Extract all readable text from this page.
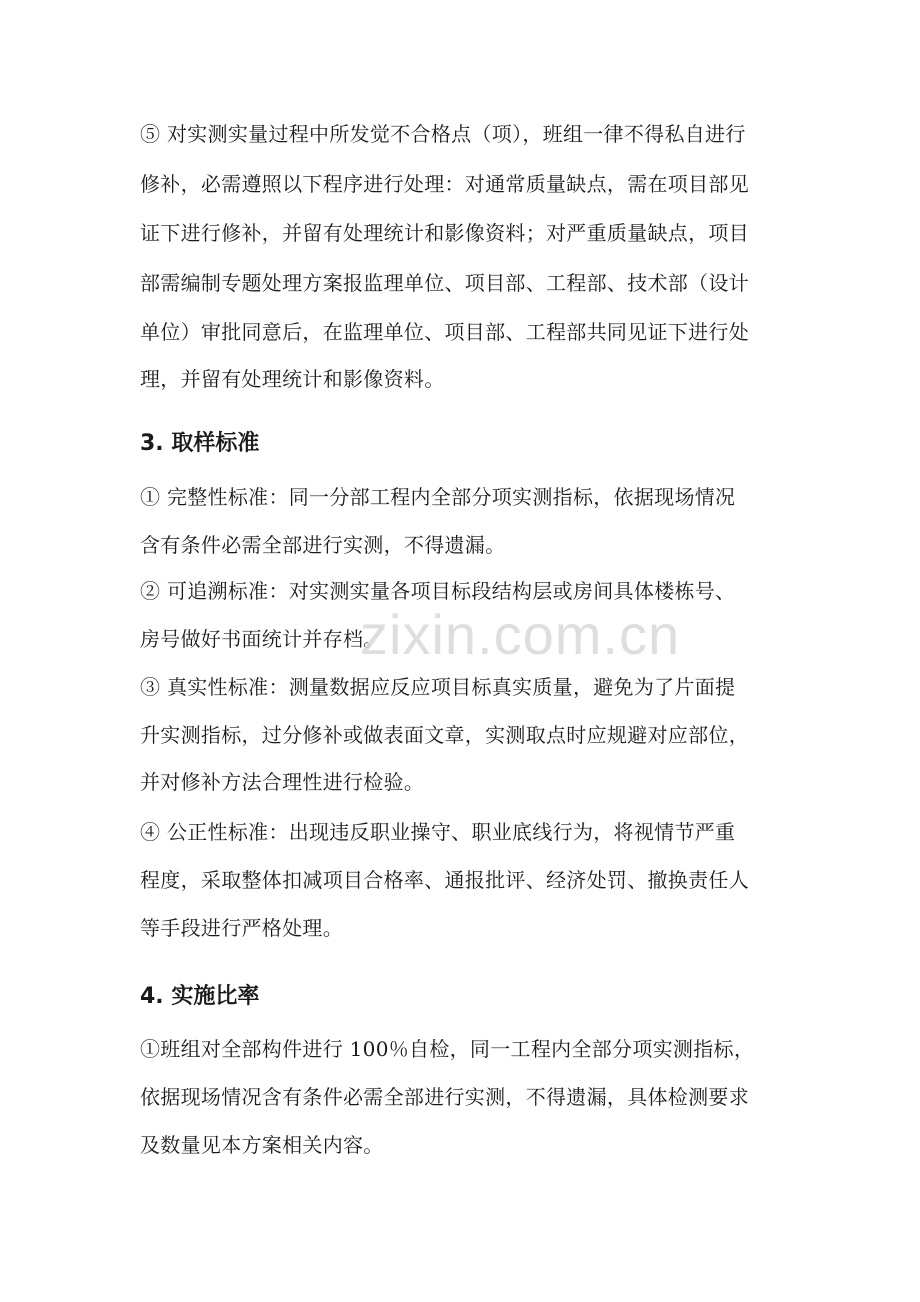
⑤ 对实测实量过程中所发觉不合格点（项），班组一律不得私自进行
修补，必需遵照以下程序进行处理：对通常质量缺点，需在项目部见
证下进行修补，并留有处理统计和影像资料；对严重质量缺点，项目
部需编制专题处理方案报监理单位、项目部、工程部、技术部（设计
单位）审批同意后，在监理单位、项目部、工程部共同见证下进行处
理，并留有处理统计和影像资料。
3. 取样标准
① 完整性标准：同一分部工程内全部分项实测指标，依据现场情况
含有条件必需全部进行实测，不得遗漏。
② 可追溯标准：对实测实量各项目标段结构层或房间具体楼栋号、
房号做好书面统计并存档。
③ 真实性标准：测量数据应反应项目标真实质量，避免为了片面提
升实测指标，过分修补或做表面文章，实测取点时应规避对应部位，
并对修补方法合理性进行检验。
④ 公正性标准：出现违反职业操守、职业底线行为，将视情节严重
程度，采取整体扣减项目合格率、通报批评、经济处罚、撤换责任人
等手段进行严格处理。
4. 实施比率
①班组对全部构件进行 100％自检，同一工程内全部分项实测指标，
依据现场情况含有条件必需全部进行实测，不得遗漏，具体检测要求
及数量见本方案相关内容。
zixin.com.cn
